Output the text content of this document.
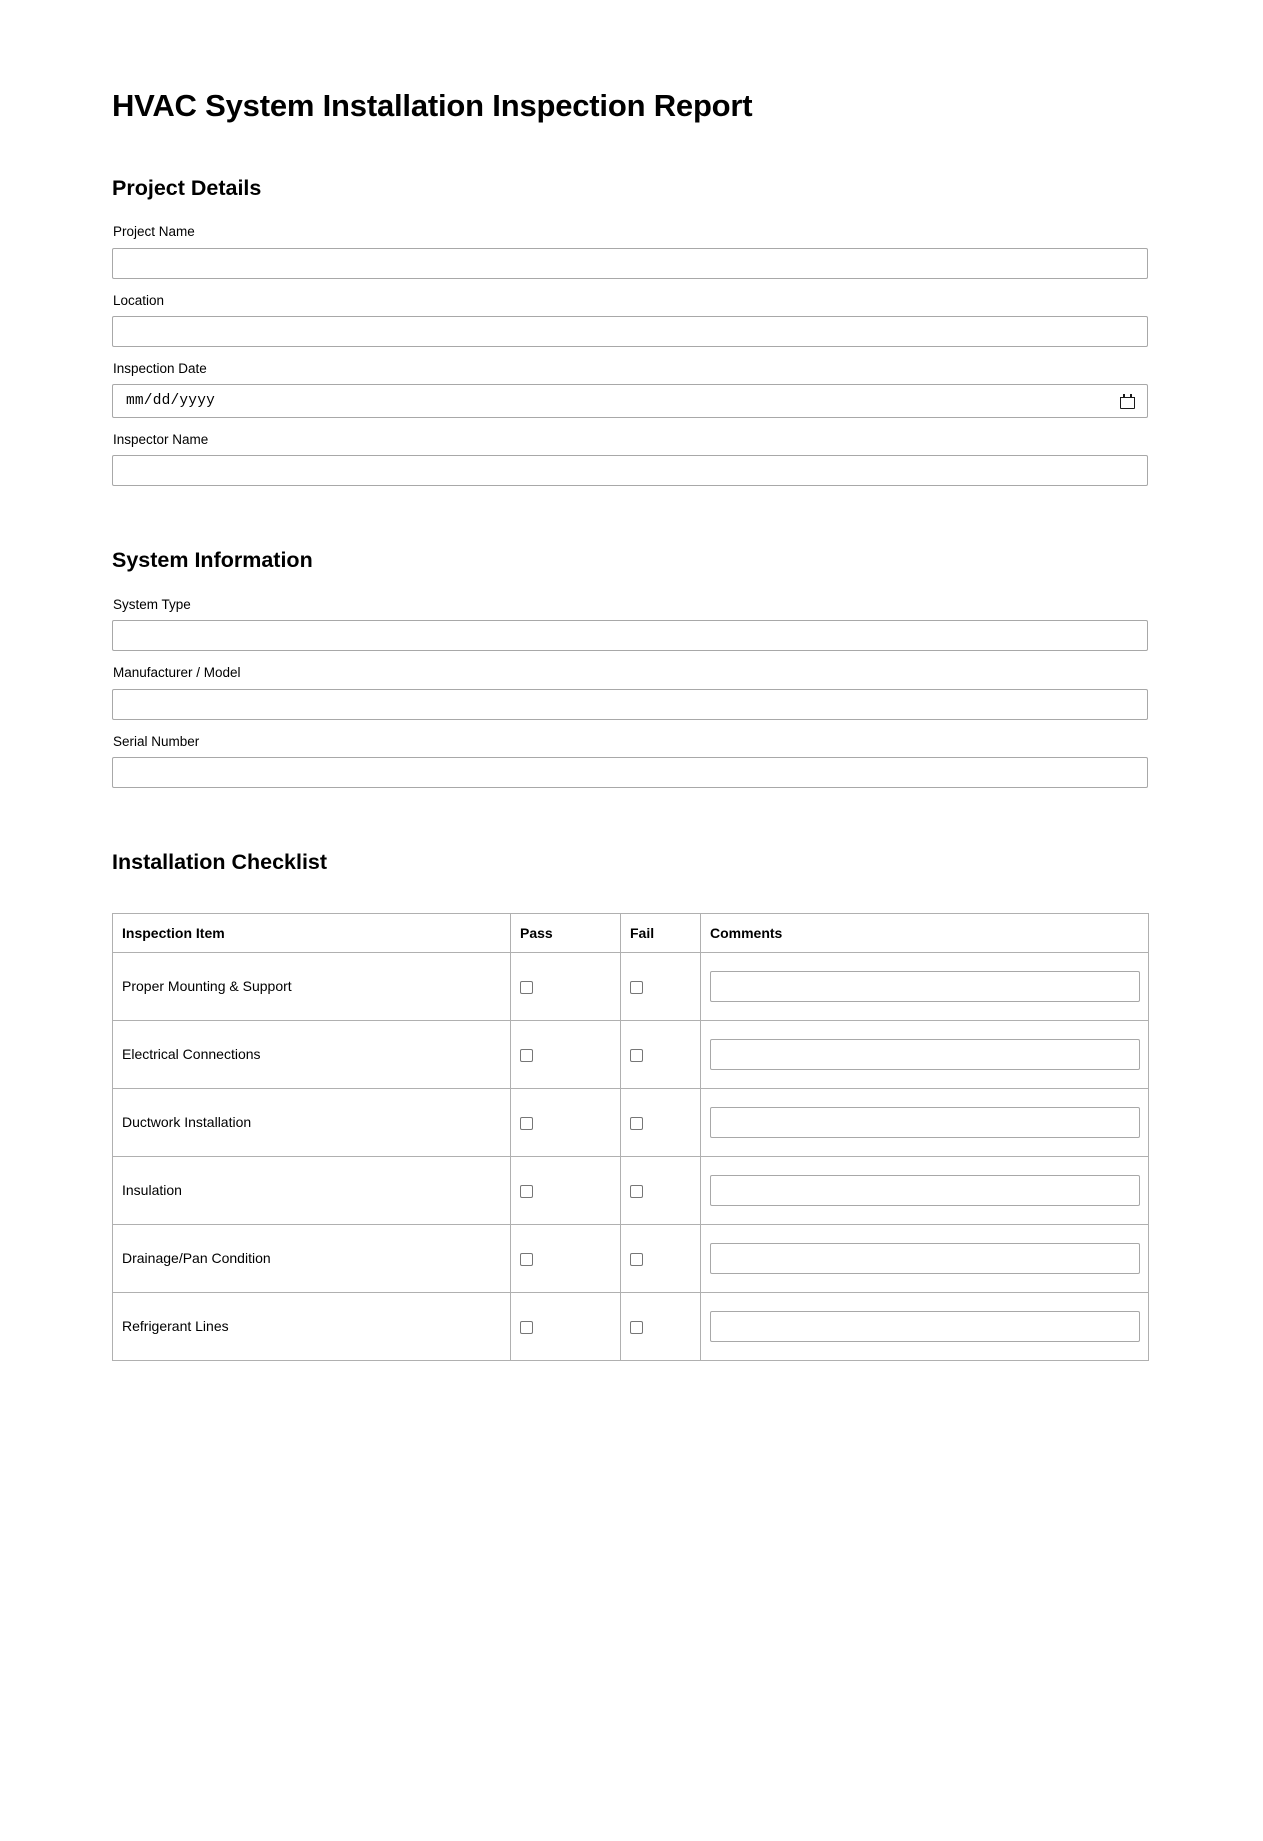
HVAC System Installation Inspection Report
Project Details
Project Name
Location
Inspection Date
mm/dd/yyyy
Inspector Name
System Information
System Type
Manufacturer / Model
Serial Number
Installation Checklist
Inspection Item	Pass	Fail	Comments
Proper Mounting & Support			

Electrical Connections			

Ductwork Installation			

Insulation			

Drainage/Pan Condition			

Refrigerant Lines			
